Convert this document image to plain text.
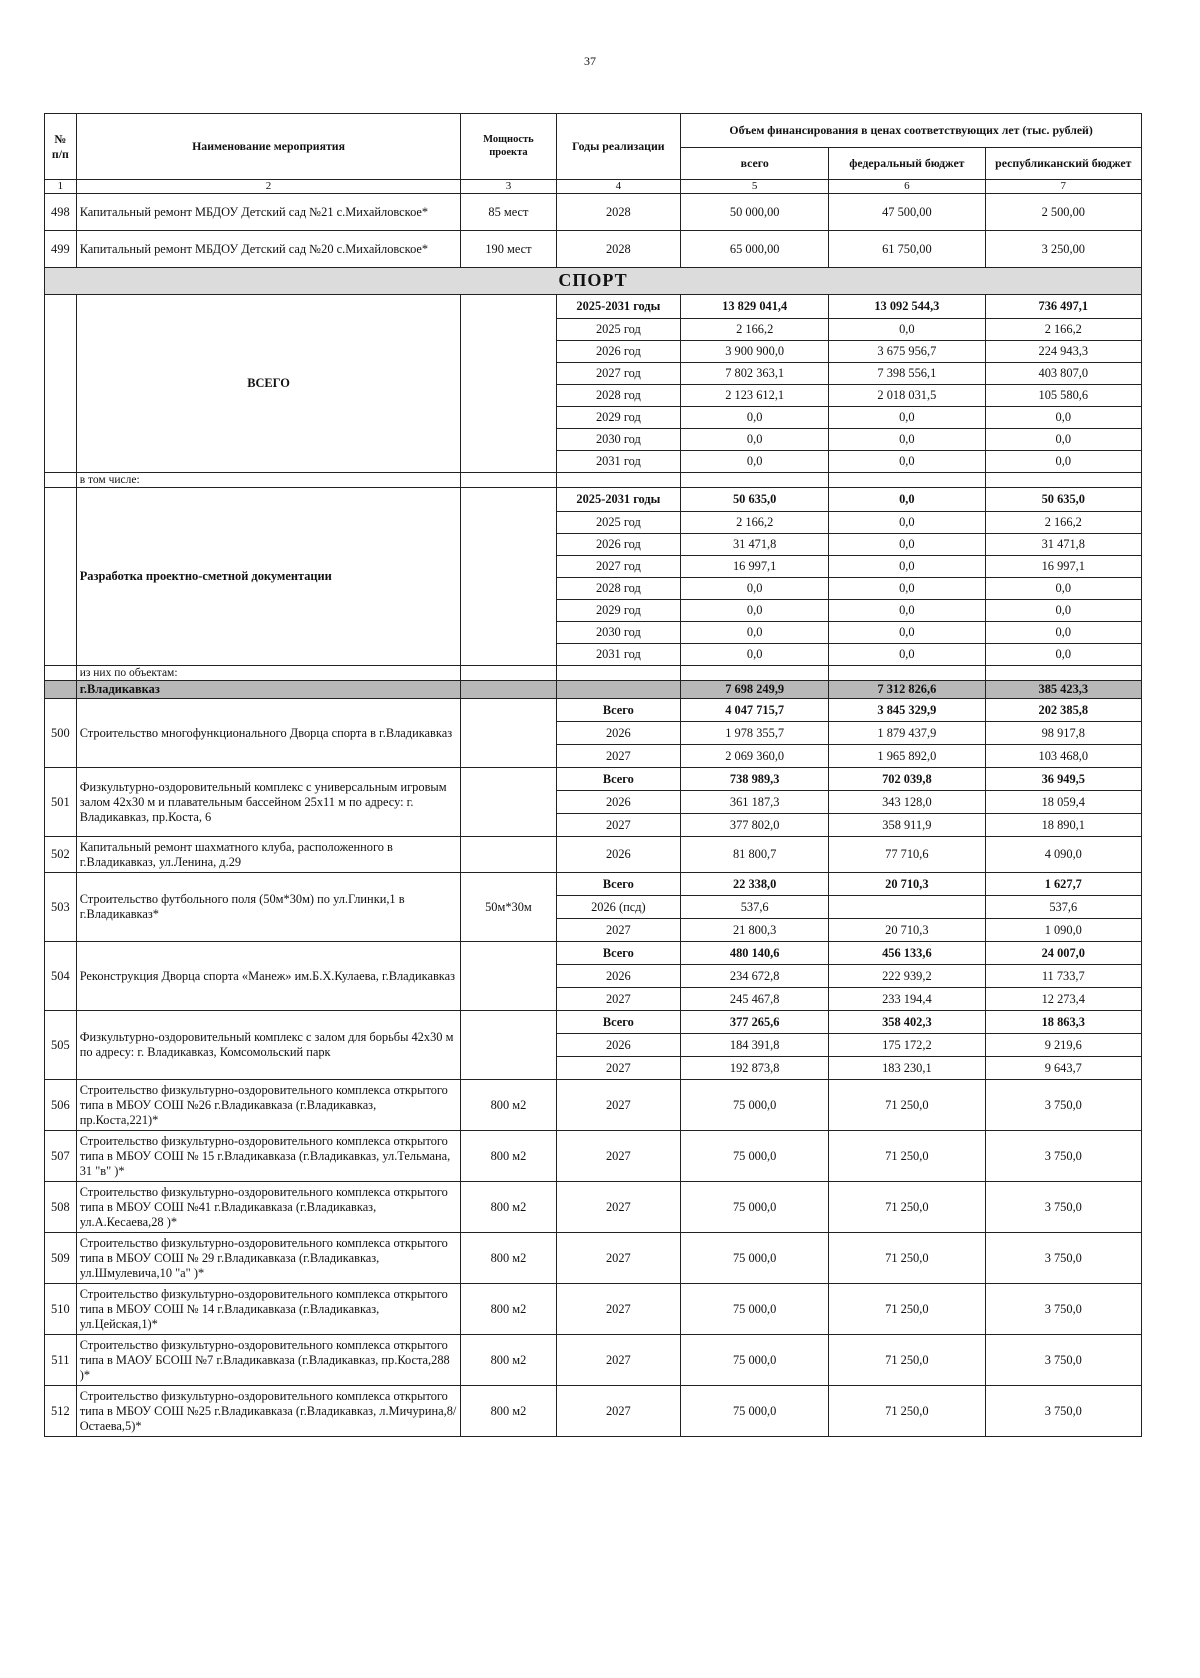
37
№ п/п	Наименование мероприятия	Мощность проекта	Годы реализации	Объем финансирования в ценах соответствующих лет (тыс. рублей)		
				всего	федеральный бюджет	республиканский бюджет
1	2	3	4	5	6	7
498	Капитальный ремонт МБДОУ Детский сад №21 с.Михайловское*	85 мест	2028	50 000,00	47 500,00	2 500,00
499	Капитальный ремонт МБДОУ Детский сад №20 с.Михайловское*	190 мест	2028	65 000,00	61 750,00	3 250,00
СПОРТ						
	ВСЕГО		2025-2031 годы	13 829 041,4	13 092 544,3	736 497,1
			2025 год	2 166,2	0,0	2 166,2
			2026 год	3 900 900,0	3 675 956,7	224 943,3
			2027 год	7 802 363,1	7 398 556,1	403 807,0
			2028 год	2 123 612,1	2 018 031,5	105 580,6
			2029 год	0,0	0,0	0,0
			2030 год	0,0	0,0	0,0
			2031 год	0,0	0,0	0,0
	в том числе:					
	Разработка проектно-сметной документации		2025-2031 годы	50 635,0	0,0	50 635,0
			2025 год	2 166,2	0,0	2 166,2
			2026 год	31 471,8	0,0	31 471,8
			2027 год	16 997,1	0,0	16 997,1
			2028 год	0,0	0,0	0,0
			2029 год	0,0	0,0	0,0
			2030 год	0,0	0,0	0,0
			2031 год	0,0	0,0	0,0
	из них по объектам:					
	г.Владикавказ			7 698 249,9	7 312 826,6	385 423,3
500	Строительство многофункционального Дворца спорта в г.Владикавказ		Всего	4 047 715,7	3 845 329,9	202 385,8
			2026	1 978 355,7	1 879 437,9	98 917,8
			2027	2 069 360,0	1 965 892,0	103 468,0
501	Физкультурно-оздоровительный комплекс с универсальным игровым залом 42х30 м и плавательным бассейном 25х11 м по адресу: г. Владикавказ, пр.Коста, 6		Всего	738 989,3	702 039,8	36 949,5
			2026	361 187,3	343 128,0	18 059,4
			2027	377 802,0	358 911,9	18 890,1
502	Капитальный ремонт шахматного клуба, расположенного в г.Владикавказ, ул.Ленина, д.29		2026	81 800,7	77 710,6	4 090,0
503	Строительство футбольного поля (50м*30м) по ул.Глинки,1 в г.Владикавказ*	50м*30м	Всего	22 338,0	20 710,3	1 627,7
			2026 (псд)	537,6		537,6
			2027	21 800,3	20 710,3	1 090,0
504	Реконструкция Дворца спорта «Манеж» им.Б.Х.Кулаева, г.Владикавказ		Всего	480 140,6	456 133,6	24 007,0
			2026	234 672,8	222 939,2	11 733,7
			2027	245 467,8	233 194,4	12 273,4
505	Физкультурно-оздоровительный комплекс с залом для борьбы 42х30 м по адресу: г. Владикавказ, Комсомольский парк		Всего	377 265,6	358 402,3	18 863,3
			2026	184 391,8	175 172,2	9 219,6
			2027	192 873,8	183 230,1	9 643,7
506	Строительство физкультурно-оздоровительного комплекса открытого типа в МБОУ СОШ №26 г.Владикавказа (г.Владикавказ, пр.Коста,221)*	800 м2	2027	75 000,0	71 250,0	3 750,0
507	Строительство физкультурно-оздоровительного комплекса открытого типа в МБОУ СОШ № 15 г.Владикавказа (г.Владикавказ, ул.Тельмана, 31 "в" )*	800 м2	2027	75 000,0	71 250,0	3 750,0
508	Строительство физкультурно-оздоровительного комплекса открытого типа в МБОУ СОШ №41 г.Владикавказа (г.Владикавказ, ул.А.Кесаева,28 )*	800 м2	2027	75 000,0	71 250,0	3 750,0
509	Строительство физкультурно-оздоровительного комплекса открытого типа в МБОУ СОШ № 29 г.Владикавказа (г.Владикавказ, ул.Шмулевича,10 "а" )*	800 м2	2027	75 000,0	71 250,0	3 750,0
510	Строительство физкультурно-оздоровительного комплекса открытого типа в МБОУ СОШ № 14 г.Владикавказа (г.Владикавказ, ул.Цейская,1)*	800 м2	2027	75 000,0	71 250,0	3 750,0
511	Строительство физкультурно-оздоровительного комплекса открытого типа в МАОУ БСОШ №7 г.Владикавказа (г.Владикавказ, пр.Коста,288 )*	800 м2	2027	75 000,0	71 250,0	3 750,0
512	Строительство физкультурно-оздоровительного комплекса открытого типа в МБОУ СОШ №25 г.Владикавказа (г.Владикавказ, л.Мичурина,8/Остаева,5)*	800 м2	2027	75 000,0	71 250,0	3 750,0
